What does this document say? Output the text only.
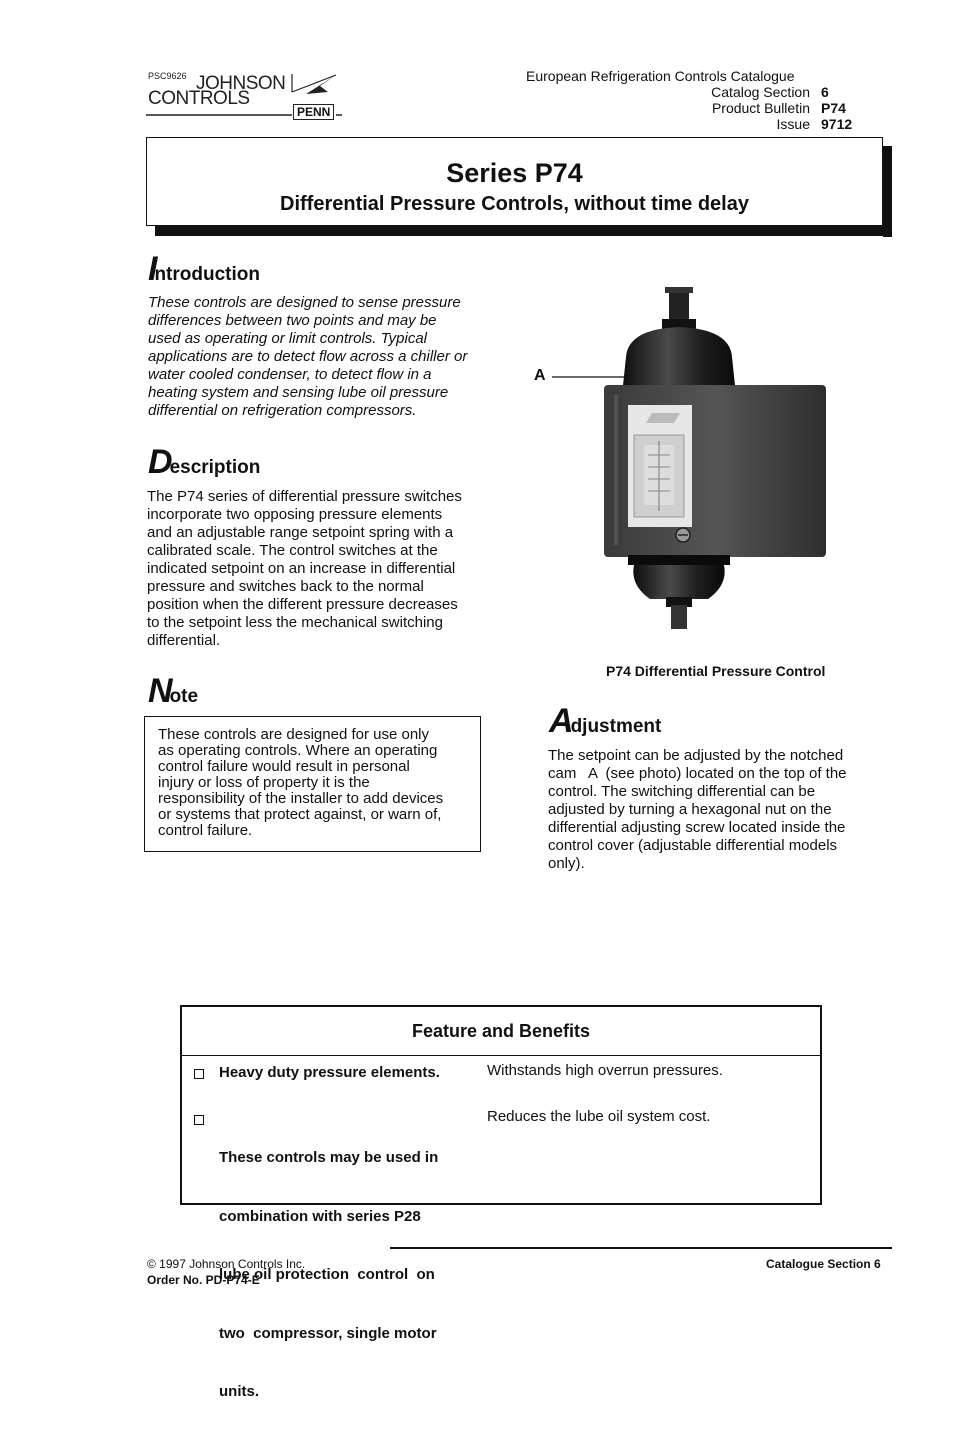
PSC9626 JOHNSON
CONTROLS
PENN
European Refrigeration Controls Catalogue
Catalog Section 6
Product Bulletin P74
Issue 9712
Series P74
Differential Pressure Controls, without time delay
Introduction
These controls are designed to sense pressure
differences between two points and may be
used as operating or limit controls. Typical
applications are to detect flow across a chiller or
water cooled condenser, to detect flow in a
heating system and sensing lube oil pressure
differential on refrigeration compressors.
Description
The P74 series of differential pressure switches
incorporate two opposing pressure elements
and an adjustable range setpoint spring with a
calibrated scale. The control switches at the
indicated setpoint on an increase in differential
pressure and switches back to the normal
position when the different pressure decreases
to the setpoint less the mechanical switching
differential.
Note
These controls are designed for use only
as operating controls. Where an operating
control failure would result in personal
injury or loss of property it is the
responsibility of the installer to add devices
or systems that protect against, or warn of,
control failure.
A
P74 Differential Pressure Control
Adjustment
The setpoint can be adjusted by the notched
cam   A  (see photo) located on the top of the
control. The switching differential can be
adjusted by turning a hexagonal nut on the
differential adjusting screw located inside the
control cover (adjustable differential models
only).
Feature and Benefits
Heavy duty pressure elements.	Withstands high overrun pressures.

These controls may be used in

combination with series P28

lube oil protection  control  on

two  compressor, single motor

units.

Reduces the lube oil system cost.
© 1997 Johnson Controls Inc.
Order No. PD-P74-E
Catalogue Section 6
